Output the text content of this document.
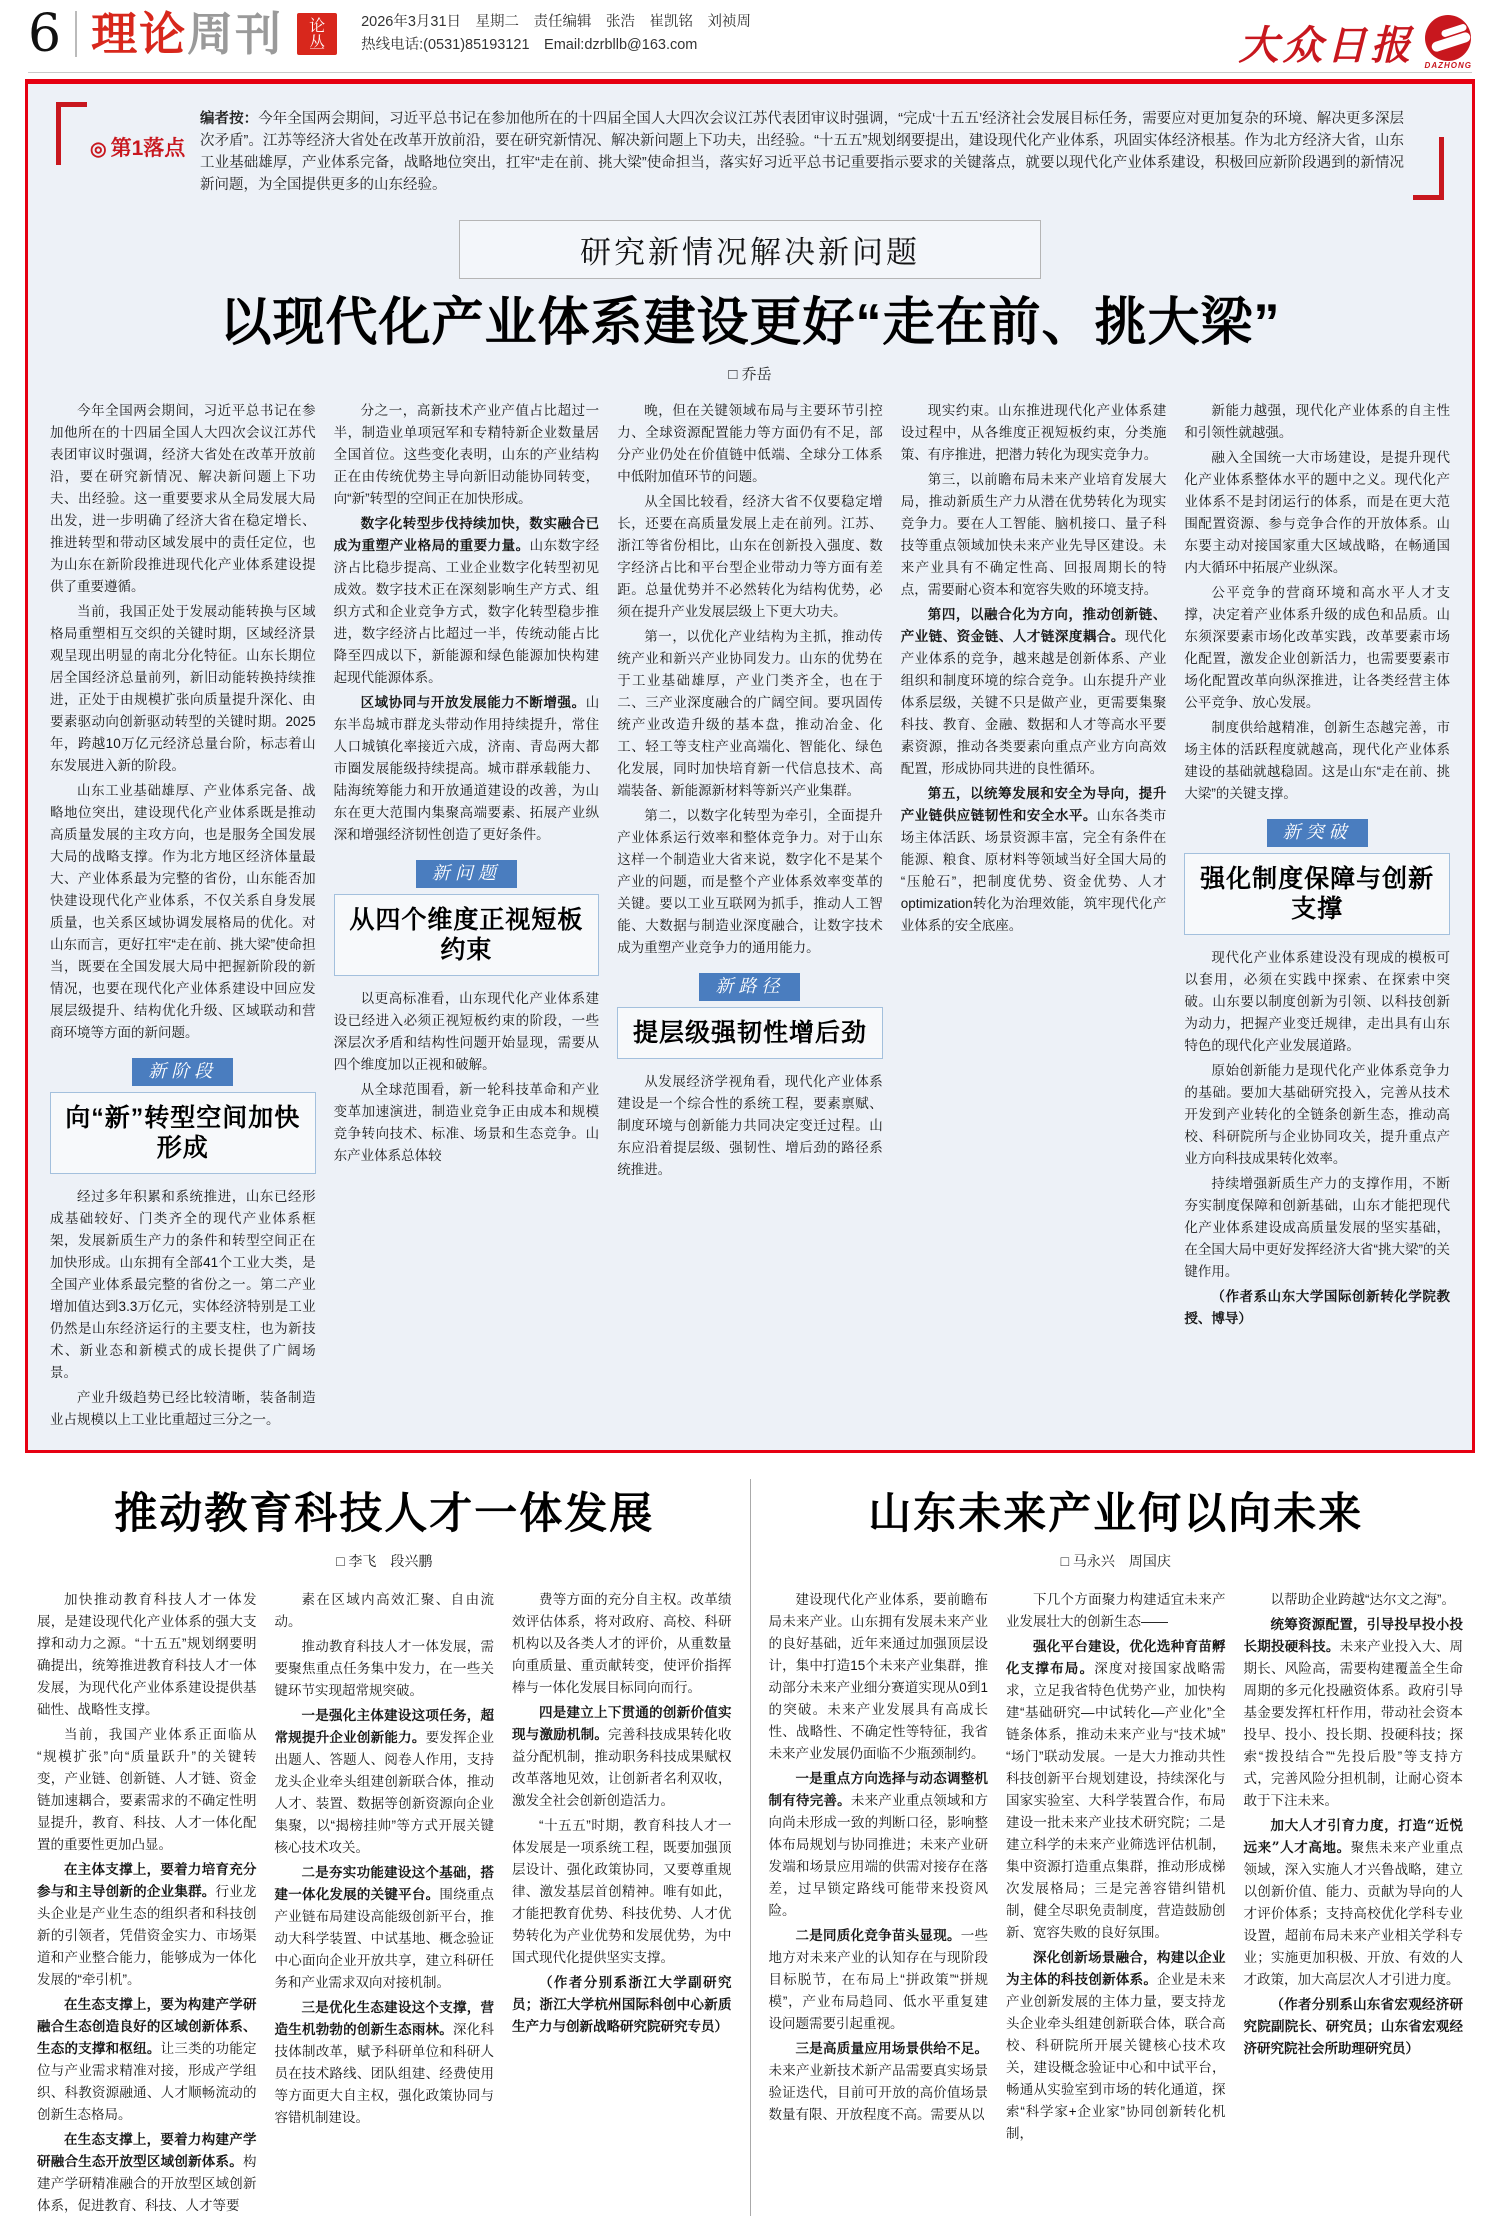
6 理论周刊	论丛
2026年3月31日　星期二　责任编辑　张浩　崔凯铭　刘祯周
热线电话:(0531)85193121　Email:dzrbllb@163.com	大众日报 DAZHONG
◎ 第1落点
编者按：今年全国两会期间，习近平总书记在参加他所在的十四届全国人大四次会议江苏代表团审议时强调，“完成‘十五五’经济社会发展目标任务，需要应对更加复杂的环境、解决更多深层次矛盾”。江苏等经济大省处在改革开放前沿，要在研究新情况、解决新问题上下功夫，出经验。“十五五”规划纲要提出，建设现代化产业体系，巩固实体经济根基。作为北方经济大省，山东工业基础雄厚，产业体系完备，战略地位突出，扛牢“走在前、挑大梁”使命担当，落实好习近平总书记重要指示要求的关键落点，就要以现代化产业体系建设，积极回应新阶段遇到的新情况新问题，为全国提供更多的山东经验。
研究新情况解决新问题
以现代化产业体系建设更好“走在前、挑大梁”
□ 乔岳

今年全国两会期间，习近平总书记在参加他所在的十四届全国人大四次会议江苏代表团审议时强调，经济大省处在改革开放前沿，要在研究新情况、解决新问题上下功夫、出经验。这一重要要求从全局发展大局出发，进一步明确了经济大省在稳定增长、推进转型和带动区域发展中的责任定位，也为山东在新阶段推进现代化产业体系建设提供了重要遵循。

当前，我国正处于发展动能转换与区域格局重塑相互交织的关键时期，区域经济景观呈现出明显的南北分化特征。山东长期位居全国经济总量前列，新旧动能转换持续推进，正处于由规模扩张向质量提升深化、由要素驱动向创新驱动转型的关键时期。2025年，跨越10万亿元经济总量台阶，标志着山东发展进入新的阶段。

山东工业基础雄厚、产业体系完备、战略地位突出，建设现代化产业体系既是推动高质量发展的主攻方向，也是服务全国发展大局的战略支撑。作为北方地区经济体量最大、产业体系最为完整的省份，山东能否加快建设现代化产业体系，不仅关系自身发展质量，也关系区域协调发展格局的优化。对山东而言，更好扛牢“走在前、挑大梁”使命担当，既要在全国发展大局中把握新阶段的新情况，也要在现代化产业体系建设中回应发展层级提升、结构优化升级、区域联动和营商环境等方面的新问题。

新阶段
向“新”转型空间加快形成

经过多年积累和系统推进，山东已经形成基础较好、门类齐全的现代产业体系框架，发展新质生产力的条件和转型空间正在加快形成。山东拥有全部41个工业大类，是全国产业体系最完整的省份之一。第二产业增加值达到3.3万亿元，实体经济特别是工业仍然是山东经济运行的主要支柱，也为新技术、新业态和新模式的成长提供了广阔场景。

产业升级趋势已经比较清晰，装备制造业占规模以上工业比重超过三分之一。

分之一，高新技术产业产值占比超过一半，制造业单项冠军和专精特新企业数量居全国首位。这些变化表明，山东的产业结构正在由传统优势主导向新旧动能协同转变，向“新”转型的空间正在加快形成。

数字化转型步伐持续加快，数实融合已成为重塑产业格局的重要力量。山东数字经济占比稳步提高、工业企业数字化转型初见成效。数字技术正在深刻影响生产方式、组织方式和企业竞争方式，数字化转型稳步推进，数字经济占比超过一半，传统动能占比降至四成以下，新能源和绿色能源加快构建起现代能源体系。

区域协同与开放发展能力不断增强。山东半岛城市群龙头带动作用持续提升，常住人口城镇化率接近六成，济南、青岛两大都市圈发展能级持续提高。城市群承载能力、陆海统筹能力和开放通道建设的改善，为山东在更大范围内集聚高端要素、拓展产业纵深和增强经济韧性创造了更好条件。

新问题
从四个维度正视短板约束

以更高标准看，山东现代化产业体系建设已经进入必须正视短板约束的阶段，一些深层次矛盾和结构性问题开始显现，需要从四个维度加以正视和破解。

从全球范围看，新一轮科技革命和产业变革加速演进，制造业竞争正由成本和规模竞争转向技术、标准、场景和生态竞争。山东产业体系总体较

晚，但在关键领域布局与主要环节引控力、全球资源配置能力等方面仍有不足，部分产业仍处在价值链中低端、全球分工体系中低附加值环节的问题。

从全国比较看，经济大省不仅要稳定增长，还要在高质量发展上走在前列。江苏、浙江等省份相比，山东在创新投入强度、数字经济占比和平台型企业带动力等方面有差距。总量优势并不必然转化为结构优势，必须在提升产业发展层级上下更大功夫。

第一，以优化产业结构为主抓，推动传统产业和新兴产业协同发力。山东的优势在于工业基础雄厚，产业门类齐全，也在于二、三产业深度融合的广阔空间。要巩固传统产业改造升级的基本盘，推动冶金、化工、轻工等支柱产业高端化、智能化、绿色化发展，同时加快培育新一代信息技术、高端装备、新能源新材料等新兴产业集群。

第二，以数字化转型为牵引，全面提升产业体系运行效率和整体竞争力。对于山东这样一个制造业大省来说，数字化不是某个产业的问题，而是整个产业体系效率变革的关键。要以工业互联网为抓手，推动人工智能、大数据与制造业深度融合，让数字技术成为重塑产业竞争力的通用能力。

新路径
提层级强韧性增后劲

从发展经济学视角看，现代化产业体系建设是一个综合性的系统工程，要素禀赋、制度环境与创新能力共同决定变迁过程。山东应沿着提层级、强韧性、增后劲的路径系统推进。

现实约束。山东推进现代化产业体系建设过程中，从各维度正视短板约束，分类施策、有序推进，把潜力转化为现实竞争力。

第三，以前瞻布局未来产业培育发展大局，推动新质生产力从潜在优势转化为现实竞争力。要在人工智能、脑机接口、量子科技等重点领域加快未来产业先导区建设。未来产业具有不确定性高、回报周期长的特点，需要耐心资本和宽容失败的环境支持。

第四，以融合化为方向，推动创新链、产业链、资金链、人才链深度耦合。现代化产业体系的竞争，越来越是创新体系、产业组织和制度环境的综合竞争。山东提升产业体系层级，关键不只是做产业，更需要集聚科技、教育、金融、数据和人才等高水平要素资源，推动各类要素向重点产业方向高效配置，形成协同共进的良性循环。

第五，以统筹发展和安全为导向，提升产业链供应链韧性和安全水平。山东各类市场主体活跃、场景资源丰富，完全有条件在能源、粮食、原材料等领域当好全国大局的“压舱石”，把制度优势、资金优势、人才optimization转化为治理效能，筑牢现代化产业体系的安全底座。

新能力越强，现代化产业体系的自主性和引领性就越强。

融入全国统一大市场建设，是提升现代化产业体系整体水平的题中之义。现代化产业体系不是封闭运行的体系，而是在更大范围配置资源、参与竞争合作的开放体系。山东要主动对接国家重大区域战略，在畅通国内大循环中拓展产业纵深。

公平竞争的营商环境和高水平人才支撑，决定着产业体系升级的成色和品质。山东须深要素市场化改革实践，改革要素市场化配置，激发企业创新活力，也需要要素市场化配置改革向纵深推进，让各类经营主体公平竞争、放心发展。

制度供给越精准，创新生态越完善，市场主体的活跃程度就越高，现代化产业体系建设的基础就越稳固。这是山东“走在前、挑大梁”的关键支撑。

新突破
强化制度保障与创新支撑

现代化产业体系建设没有现成的模板可以套用，必须在实践中探索、在探索中突破。山东要以制度创新为引领、以科技创新为动力，把握产业变迁规律，走出具有山东特色的现代化产业发展道路。

原始创新能力是现代化产业体系竞争力的基础。要加大基础研究投入，完善从技术开发到产业转化的全链条创新生态，推动高校、科研院所与企业协同攻关，提升重点产业方向科技成果转化效率。

持续增强新质生产力的支撑作用，不断夯实制度保障和创新基础，山东才能把现代化产业体系建设成高质量发展的坚实基础，在全国大局中更好发挥经济大省“挑大梁”的关键作用。

（作者系山东大学国际创新转化学院教授、博导）

推动教育科技人才一体发展
□ 李飞　段兴鹏

加快推动教育科技人才一体发展，是建设现代化产业体系的强大支撑和动力之源。“十五五”规划纲要明确提出，统筹推进教育科技人才一体发展，为现代化产业体系建设提供基础性、战略性支撑。

当前，我国产业体系正面临从“规模扩张”向“质量跃升”的关键转变，产业链、创新链、人才链、资金链加速耦合，要素需求的不确定性明显提升，教育、科技、人才一体化配置的重要性更加凸显。

在主体支撑上，要着力培育充分参与和主导创新的企业集群。行业龙头企业是产业生态的组织者和科技创新的引领者，凭借资金实力、市场渠道和产业整合能力，能够成为一体化发展的“牵引机”。

在生态支撑上，要为构建产学研融合生态创造良好的区域创新体系、生态的支撑和枢纽。让三类的功能定位与产业需求精准对接，形成产学组织、科教资源融通、人才顺畅流动的创新生态格局。

在生态支撑上，要着力构建产学研融合生态开放型区域创新体系。构建产学研精准融合的开放型区域创新体系，促进教育、科技、人才等要

素在区域内高效汇聚、自由流动。

推动教育科技人才一体发展，需要聚焦重点任务集中发力，在一些关键环节实现超常规突破。

一是强化主体建设这项任务，超常规提升企业创新能力。要发挥企业出题人、答题人、阅卷人作用，支持龙头企业牵头组建创新联合体，推动人才、装置、数据等创新资源向企业集聚，以“揭榜挂帅”等方式开展关键核心技术攻关。

二是夯实功能建设这个基础，搭建一体化发展的关键平台。围绕重点产业链布局建设高能级创新平台，推动大科学装置、中试基地、概念验证中心面向企业开放共享，建立科研任务和产业需求双向对接机制。

三是优化生态建设这个支撑，营造生机勃勃的创新生态雨林。深化科技体制改革，赋予科研单位和科研人员在技术路线、团队组建、经费使用等方面更大自主权，强化政策协同与容错机制建设。

费等方面的充分自主权。改革绩效评估体系，将对政府、高校、科研机构以及各类人才的评价，从重数量向重质量、重贡献转变，使评价指挥棒与一体化发展目标同向而行。

四是建立上下贯通的创新价值实现与激励机制。完善科技成果转化收益分配机制，推动职务科技成果赋权改革落地见效，让创新者名利双收，激发全社会创新创造活力。

“十五五”时期，教育科技人才一体发展是一项系统工程，既要加强顶层设计、强化政策协同，又要尊重规律、激发基层首创精神。唯有如此，才能把教育优势、科技优势、人才优势转化为产业优势和发展优势，为中国式现代化提供坚实支撑。

（作者分别系浙江大学副研究员；浙江大学杭州国际科创中心新质生产力与创新战略研究院研究专员）

山东未来产业何以向未来
□ 马永兴　周国庆

建设现代化产业体系，要前瞻布局未来产业。山东拥有发展未来产业的良好基础，近年来通过加强顶层设计，集中打造15个未来产业集群，推动部分未来产业细分赛道实现从0到1的突破。未来产业发展具有高成长性、战略性、不确定性等特征，我省未来产业发展仍面临不少瓶颈制约。

一是重点方向选择与动态调整机制有待完善。未来产业重点领域和方向尚未形成一致的判断口径，影响整体布局规划与协同推进；未来产业研发端和场景应用端的供需对接存在落差，过早锁定路线可能带来投资风险。

二是同质化竞争苗头显现。一些地方对未来产业的认知存在与现阶段目标脱节，在布局上“拼政策”“拼规模”，产业布局趋同、低水平重复建设问题需要引起重视。

三是高质量应用场景供给不足。未来产业新技术新产品需要真实场景验证迭代，目前可开放的高价值场景数量有限、开放程度不高。需要从以

下几个方面聚力构建适宜未来产业发展壮大的创新生态——

强化平台建设，优化选种育苗孵化支撑布局。深度对接国家战略需求，立足我省特色优势产业，加快构建“基础研究—中试转化—产业化”全链条体系，推动未来产业与“技术城”“场门”联动发展。一是大力推动共性科技创新平台规划建设，持续深化与国家实验室、大科学装置合作，布局建设一批未来产业技术研究院；二是建立科学的未来产业筛选评估机制，集中资源打造重点集群，推动形成梯次发展格局；三是完善容错纠错机制，健全尽职免责制度，营造鼓励创新、宽容失败的良好氛围。

深化创新场景融合，构建以企业为主体的科技创新体系。企业是未来产业创新发展的主体力量，要支持龙头企业牵头组建创新联合体，联合高校、科研院所开展关键核心技术攻关，建设概念验证中心和中试平台，畅通从实验室到市场的转化通道，探索“科学家+企业家”协同创新转化机制，

以帮助企业跨越“达尔文之海”。

统筹资源配置，引导投早投小投长期投硬科技。未来产业投入大、周期长、风险高，需要构建覆盖全生命周期的多元化投融资体系。政府引导基金要发挥杠杆作用，带动社会资本投早、投小、投长期、投硬科技；探索“拨投结合”“先投后股”等支持方式，完善风险分担机制，让耐心资本敢于下注未来。

加大人才引育力度，打造“近悦远来”人才高地。聚焦未来产业重点领域，深入实施人才兴鲁战略，建立以创新价值、能力、贡献为导向的人才评价体系；支持高校优化学科专业设置，超前布局未来产业相关学科专业；实施更加积极、开放、有效的人才政策，加大高层次人才引进力度。

（作者分别系山东省宏观经济研究院副院长、研究员；山东省宏观经济研究院社会所助理研究员）
